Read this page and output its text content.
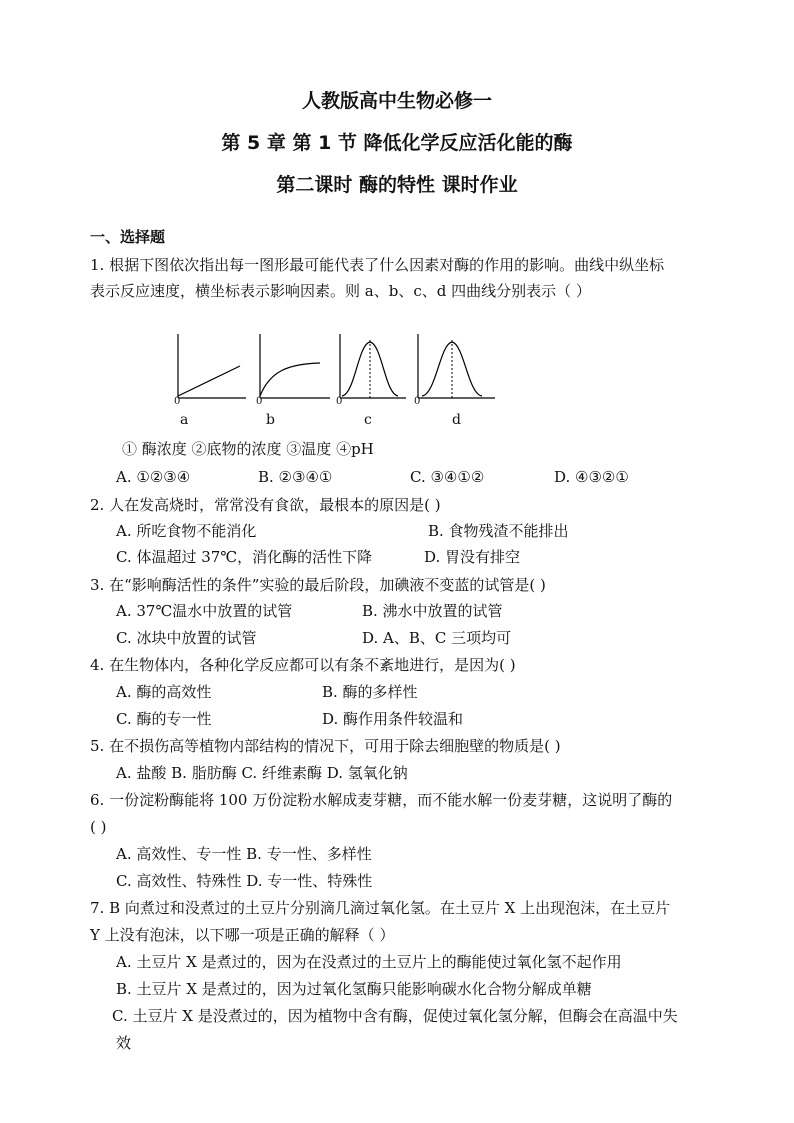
人教版高中生物必修一
第 5 章 第 1 节 降低化学反应活化能的酶
第二课时 酶的特性 课时作业
一、选择题
1. 根据下图依次指出每一图形最可能代表了什么因素对酶的作用的影响。曲线中纵坐标
表示反应速度，横坐标表示影响因素。则 a、b、c、d 四曲线分别表示（ ）
0	0	0	0
a	b	c	d
① 酶浓度 ②底物的浓度 ③温度 ④pH
A. ①②③④	B. ②③④①	C. ③④①②	D. ④③②①
2. 人在发高烧时，常常没有食欲，最根本的原因是( )
A. 所吃食物不能消化	B. 食物残渣不能排出
C. 体温超过 37℃，消化酶的活性下降	D. 胃没有排空
3. 在“影响酶活性的条件”实验的最后阶段，加碘液不变蓝的试管是( )
A. 37℃温水中放置的试管	B. 沸水中放置的试管
C. 冰块中放置的试管	D. A、B、C 三项均可
4. 在生物体内，各种化学反应都可以有条不紊地进行，是因为( )
A. 酶的高效性	B. 酶的多样性
C. 酶的专一性	D. 酶作用条件较温和
5. 在不损伤高等植物内部结构的情况下，可用于除去细胞壁的物质是( )
A. 盐酸 B. 脂肪酶 C. 纤维素酶 D. 氢氧化钠
6. 一份淀粉酶能将 100 万份淀粉水解成麦芽糖，而不能水解一份麦芽糖，这说明了酶的
( )
A. 高效性、专一性 B. 专一性、多样性
C. 高效性、特殊性 D. 专一性、特殊性
7. B 向煮过和没煮过的土豆片分别滴几滴过氧化氢。在土豆片 X 上出现泡沫，在土豆片
Y 上没有泡沫，以下哪一项是正确的解释（ ）
A. 土豆片 X 是煮过的，因为在没煮过的土豆片上的酶能使过氧化氢不起作用
B. 土豆片 X 是煮过的，因为过氧化氢酶只能影响碳水化合物分解成单糖
C. 土豆片 X 是没煮过的，因为植物中含有酶，促使过氧化氢分解，但酶会在高温中失
效
